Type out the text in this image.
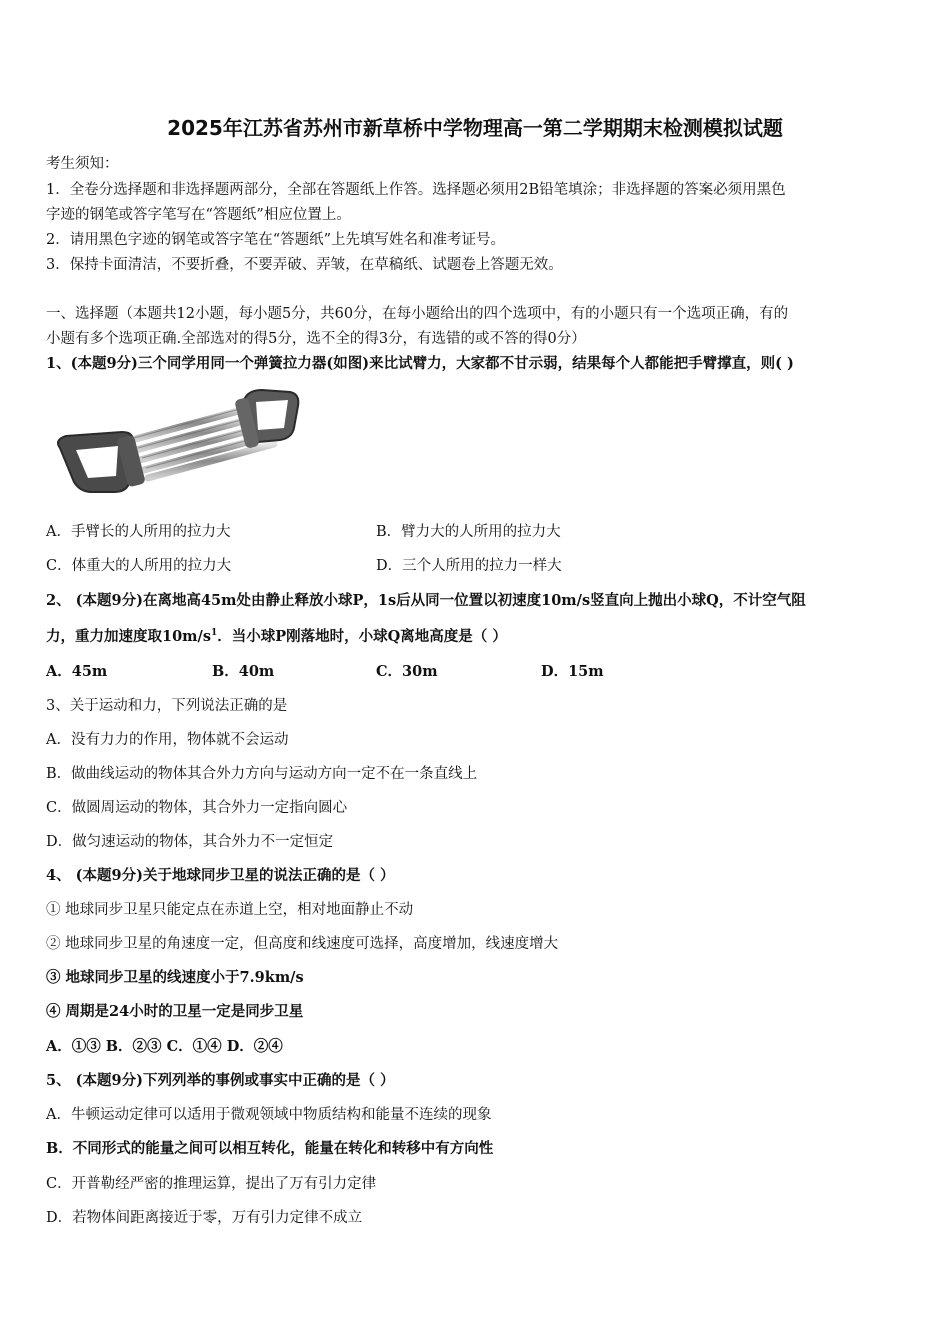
2025年江苏省苏州市新草桥中学物理高一第二学期期末检测模拟试题
考生须知：
1．全卷分选择题和非选择题两部分，全部在答题纸上作答。选择题必须用2B铅笔填涂；非选择题的答案必须用黑色
字迹的钢笔或答字笔写在“答题纸”相应位置上。
2．请用黑色字迹的钢笔或答字笔在“答题纸”上先填写姓名和准考证号。
3．保持卡面清洁，不要折叠，不要弄破、弄皱，在草稿纸、试题卷上答题无效。
一、选择题（本题共12小题，每小题5分，共60分，在每小题给出的四个选项中，有的小题只有一个选项正确，有的
小题有多个选项正确.全部选对的得5分，选不全的得3分，有选错的或不答的得0分）
1、(本题9分)三个同学用同一个弹簧拉力器(如图)来比试臂力，大家都不甘示弱，结果每个人都能把手臂撑直，则( )
A．手臂长的人所用的拉力大	B．臂力大的人所用的拉力大
C．体重大的人所用的拉力大	D．三个人所用的拉力一样大
2、 (本题9分)在离地高45m处由静止释放小球P，1s后从同一位置以初速度10m/s竖直向上抛出小球Q，不计空气阻
力，重力加速度取$10m/s^1$．当小球P刚落地时，小球Q离地高度是（ ）
A．45m	B．40m	C．30m	D．15m
3、关于运动和力，下列说法正确的是
A．没有力力的作用，物体就不会运动
B．做曲线运动的物体其合外力方向与运动方向一定不在一条直线上
C．做圆周运动的物体，其合外力一定指向圆心
D．做匀速运动的物体，其合外力不一定恒定
4、 (本题9分)关于地球同步卫星的说法正确的是（ ）
① 地球同步卫星只能定点在赤道上空，相对地面静止不动
② 地球同步卫星的角速度一定，但高度和线速度可选择，高度增加，线速度增大
③ 地球同步卫星的线速度小于7.9km/s
④ 周期是24小时的卫星一定是同步卫星
A．①③ B．②③ C．①④ D．②④
5、 (本题9分)下列列举的事例或事实中正确的是（ ）
A．牛顿运动定律可以适用于微观领域中物质结构和能量不连续的现象
B．不同形式的能量之间可以相互转化，能量在转化和转移中有方向性
C．开普勒经严密的推理运算，提出了万有引力定律
D．若物体间距离接近于零，万有引力定律不成立
